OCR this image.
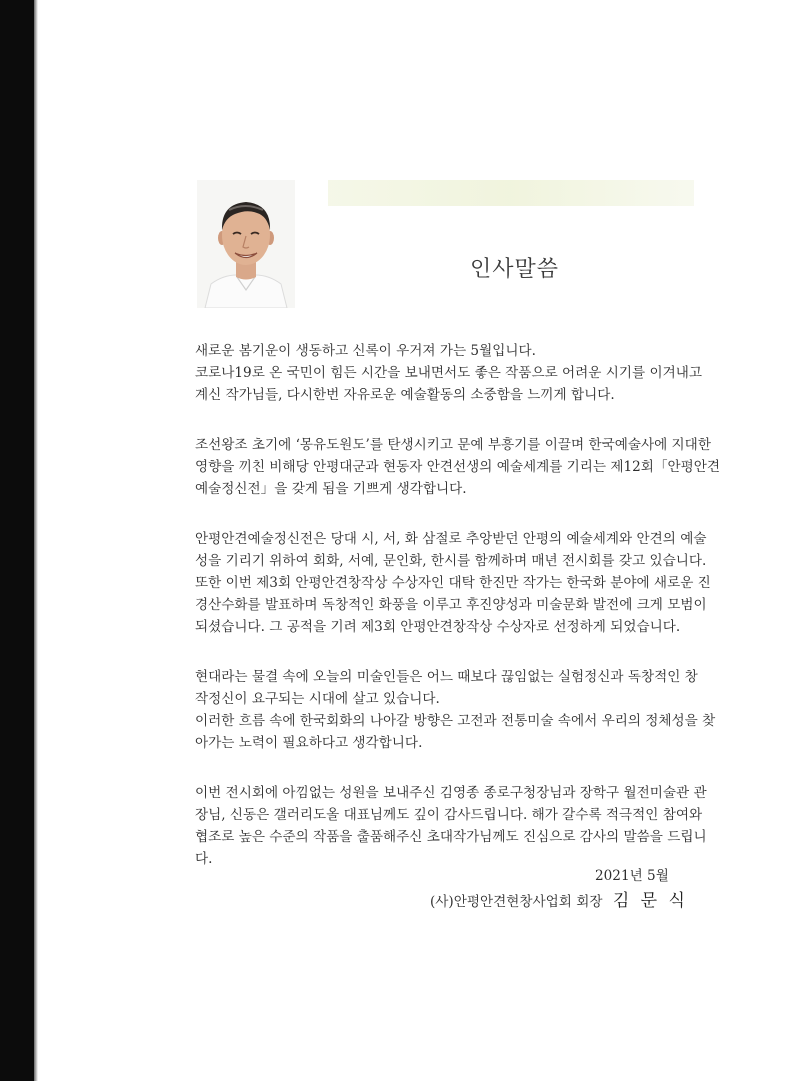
인사말씀

새로운 봄기운이 생동하고 신록이 우거져 가는 5월입니다.
코로나19로 온 국민이 힘든 시간을 보내면서도 좋은 작품으로 어려운 시기를 이겨내고
계신 작가님들, 다시한번 자유로운 예술활동의 소중함을 느끼게 합니다.

조선왕조 초기에 ‘몽유도원도’를 탄생시키고 문예 부흥기를 이끌며 한국예술사에 지대한
영향을 끼친 비해당 안평대군과 현동자 안견선생의 예술세계를 기리는 제12회「안평안견
예술정신전」을 갖게 됨을 기쁘게 생각합니다.

안평안견예술정신전은 당대 시, 서, 화 삼절로 추앙받던 안평의 예술세계와 안견의 예술
성을 기리기 위하여 회화, 서예, 문인화, 한시를 함께하며 매년 전시회를 갖고 있습니다.
또한 이번 제3회 안평안견창작상 수상자인 대탁 한진만 작가는 한국화 분야에 새로운 진
경산수화를 발표하며 독창적인 화풍을 이루고 후진양성과 미술문화 발전에 크게 모범이
되셨습니다. 그 공적을 기려 제3회 안평안견창작상 수상자로 선정하게 되었습니다.

현대라는 물결 속에 오늘의 미술인들은 어느 때보다 끊임없는 실험정신과 독창적인 창
작정신이 요구되는 시대에 살고 있습니다.
이러한 흐름 속에 한국회화의 나아갈 방향은 고전과 전통미술 속에서 우리의 정체성을 찾
아가는 노력이 필요하다고 생각합니다.

이번 전시회에 아낌없는 성원을 보내주신 김영종 종로구청장님과 장학구 월전미술관 관
장님, 신동은 갤러리도올 대표님께도 깊이 감사드립니다. 해가 갈수록 적극적인 참여와
협조로 높은 수준의 작품을 출품해주신 초대작가님께도 진심으로 감사의 말씀을 드립니
다.

2021년 5월
(사)안평안견현창사업회 회장 김 문 식
